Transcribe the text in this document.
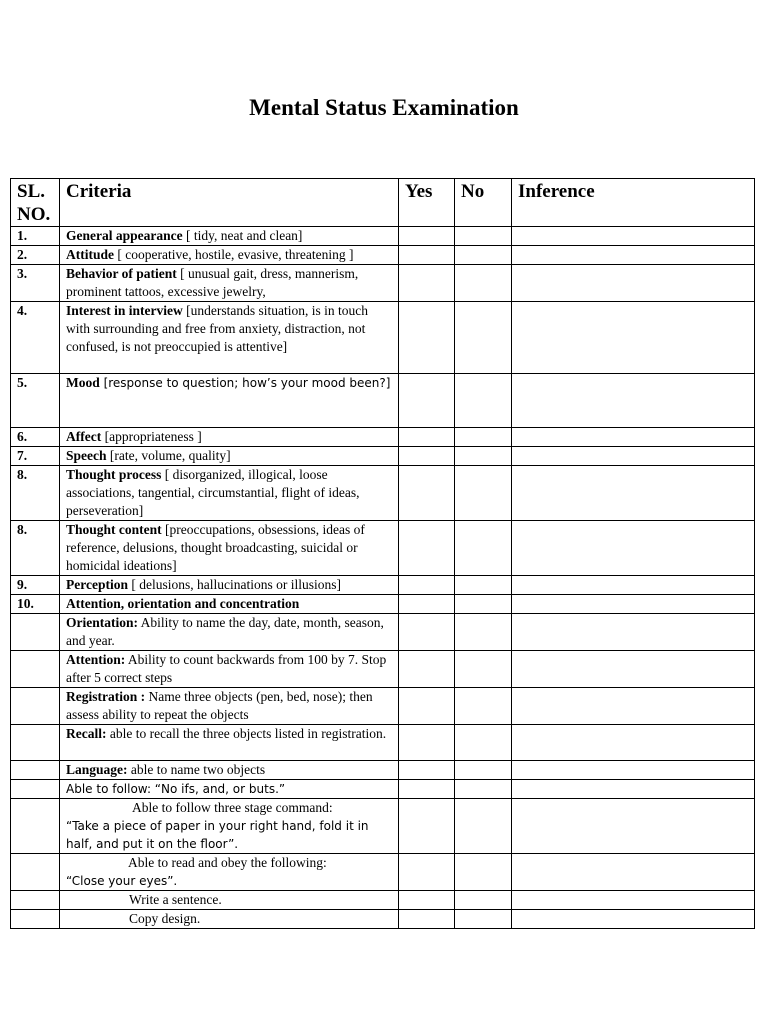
Mental Status Examination
SL. NO.	Criteria	Yes	No	Inference
1.	General appearance [ tidy, neat and clean]			
2.	Attitude [ cooperative, hostile, evasive, threatening ]			
3.	Behavior of patient [ unusual gait, dress, mannerism, prominent tattoos, excessive jewelry,			
4.	Interest in interview [understands situation, is in touch with surrounding and free from anxiety, distraction, not confused, is not preoccupied is attentive]			
5.	Mood [response to question; how’s your mood been?]			
6.	Affect [appropriateness ]			
7.	Speech [rate, volume, quality]			
8.	Thought process [ disorganized, illogical, loose associations, tangential, circumstantial, flight of ideas, perseveration]			
8.	Thought content [preoccupations, obsessions, ideas of reference, delusions, thought broadcasting, suicidal or homicidal ideations]			
9.	Perception [ delusions, hallucinations or illusions]			
10.	Attention, orientation and concentration			
	Orientation: Ability to name the day, date, month, season, and year.			
	Attention: Ability to count backwards from 100 by 7. Stop after 5 correct steps			
	Registration : Name three objects (pen, bed, nose); then assess ability to repeat the objects			
	Recall: able to recall the three objects listed in registration.			
	Language: able to name two objects			
	Able to follow: “No ifs, and, or buts.”			

	Able to follow three stage command:
“Take a piece of paper in your right hand, fold it in half, and put it on the floor”.			

	Able to read and obey the following:
“Close your eyes”.			

	Write a sentence.			
	Copy design.			
